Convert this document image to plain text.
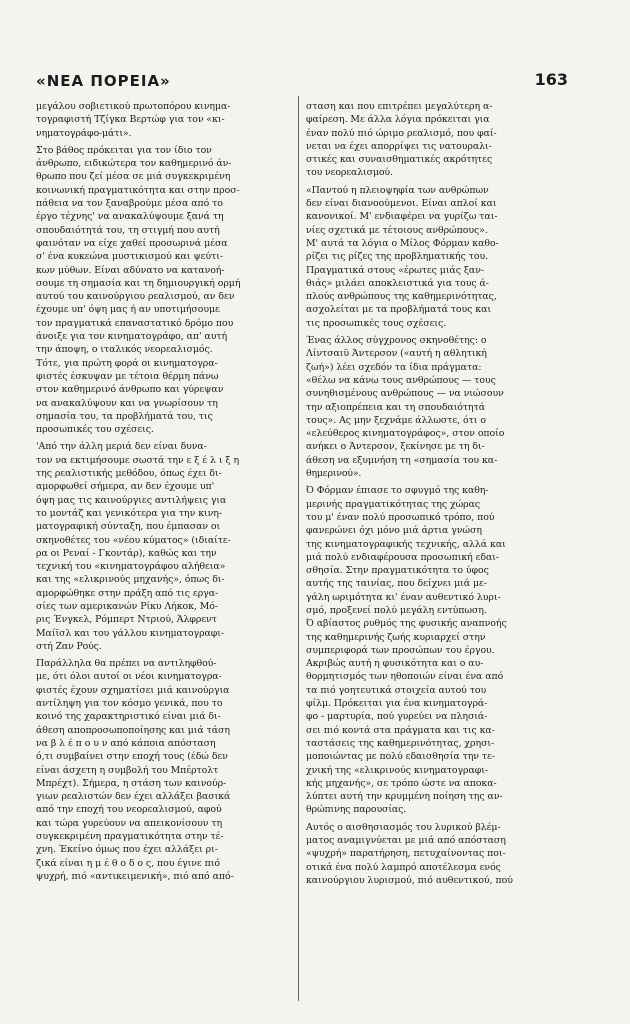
«ΝΕΑ ΠΟΡΕΙΑ»	163
μεγάλου σοβιετικού πρωτοπόρου κινημα-
τογραφιστή Τζίγκα Βερτώφ για τον «κι-
νηματογράφο-μάτι».
Στο βάθος πρόκειται για τον ίδιο τον
άνθρωπο, ειδικώτερα τον καθημερινό άν-
θρωπο που ζεί μέσα σε μιά συγκεκριμένη
κοινωνική πραγματικότητα και στην προσ-
πάθεια να τον ξαναβρούμε μέσα από το
έργο τέχνης' να ανακαλύψουμε ξανά τη
σπουδαιότητά του, τη στιγμή που αυτή
φαινόταν να είχε χαθεί προσωρινά μέσα
σ' ένα κυκεώνα μυστικισμού και ψεύτι-
κων μύθων. Είναι αδύνατο να κατανοή-
σουμε τη σημασία και τη δημιουργική ορμή
αυτού του καινούργιου ρεαλισμού, αν δεν
έχουμε υπ' όψη μας ή αν υποτιμήσουμε
τον πραγματικά επαναστατικό δρόμο που
άνοιξε για τον κινηματογράφο, απ' αυτή
την άποψη, ο ιταλικός νεορεαλισμός.
Τότε, για πρώτη φορά οι κινηματογρα-
φιστές έσκυψαν με τέτοια θέρμη πάνω
στον καθημερινό άνθρωπο και γύρεψαν
να ανακαλύψουν και να γνωρίσουν τη
σημασία του, τα προβλήματά του, τις
προσωπικές του σχέσεις.
'Από την άλλη μεριά δεν είναι δυνα-
τον να εκτιμήσουμε σωστά την ε ξ έ λ ι ξ η
της ρεαλιστικής μεθόδου, όπως έχει δι-
αμορφωθεί σήμερα, αν δεν έχουμε υπ'
όψη μας τις καινούργιες αντιλήψεις για
το μοντάζ και γενικότερα για την κινη-
ματογραφική σύνταξη, που έμπασαν οι
σκηνοθέτες του «νέου κύματος» (ιδιαίτε-
ρα οι Ρεναί - Γκοντάρ), καθώς και την
τεχνική του «κινηματογράφου αλήθεια»
και της «ελικρινούς μηχανής», όπως δι-
αμορφώθηκε στην πράξη από τις εργα-
σίες των αμερικανών Ρίκυ Λήκοκ, Μό-
ρις Ένγκελ, Ρόμπερτ Ντριού, Άλφρεντ
Μαίϊσλ και του γάλλου κινηματογραφι-
στή Ζαν Ρούς.
Παράλληλα θα πρέπει να αντιληφθού-
με, ότι όλοι αυτοί οι νέοι κινηματογρα-
φιστές έχουν σχηματίσει μιά καινούργια
αντίληψη για τον κόσμο γενικά, που το
κοινό της χαρακτηριστικό είναι μιά δι-
άθεση αποπροσωποποίησης και μιά τάση
να β λ έ π ο υ ν από κάποια απόσταση
ό,τι συμβαίνει στην εποχή τους (έδώ δεν
είναι άσχετη η συμβολή του Μπέρτολτ
Μπρέχτ). Σήμερα, η στάση των καινούρ-
γιων ρεαλιστών δεν έχει αλλάξει βασικά
από την εποχή του νεορεαλισμού, αφού
και τώρα γυρεύουν να απεικονίσουν τη
συγκεκριμένη πραγματικότητα στην τέ-
χνη. Έκείνο όμως που έχει αλλάξει ρι-
ζικά είναι η μ έ θ ο δ ο ς, που έγινε πιό
ψυχρή, πιό «αντικειμενική», πιό από από-
σταση και που επιτρέπει μεγαλύτερη α-
φαίρεση. Με άλλα λόγια πρόκειται για
έναν πολύ πιό ώριμο ρεαλισμό, που φαί-
νεται να έχει απορρίψει τις νατουραλι-
στικές και συναισθηματικές ακρότητες
του νεορεαλισμού.
«Παντού η πλειοψηφία των ανθρώπων
δεν είναι διανοούμενοι. Είναι απλοί και
κανονικοί. Μ' ενδιαφέρει να γυρίζω ται-
νίες σχετικά με τέτοιους ανθρώπους».
Μ' αυτά τα λόγια ο Μίλος Φόρμαν καθο-
ρίζει τις ρίζες της προβληματικής του.
Πραγματικά στους «έρωτες μιάς ξαν-
θιάς» μιλάει αποκλειστικά για τους ά-
πλούς ανθρώπους της καθημερινότητας,
ασχολείται με τα προβλήματά τους και
τις προσωπικές τους σχέσεις.
Ένας άλλος σύγχρονος σκηνοθέτης: ο
Λίντσαιϋ Άντερσον («αυτή η αθλητική
ζωή») λέει σχεδόν τα ίδια πράγματα:
«θέλω να κάνω τους ανθρώπους — τους
συνηθισμένους ανθρώπους — να νιώσουν
την αξιοπρέπεια και τη σπουδαιότητά
τους». Ας μην ξεχνάμε άλλωστε, ότι ο
«ελεύθερος κινηματογράφος», στον οποίο
ανήκει ο Άντερσον, ξεκίνησε με τη δι-
άθεση να εξυμνήση τη «σημασία του κα-
θημερινού».
Ό Φόρμαν έπιασε το σφυγμό της καθη-
μερινής πραγματικότητας της χώρας
του μ' έναν πολύ προσωπικό τρόπο, πού
φανερώνει όχι μόνο μιά άρτια γνώση
της κινηματογραφικής τεχνικής, αλλά και
μιά πολύ ενδιαφέρουσα προσωπική εδαι-
σθησία. Στην πραγματικότητα το ύφος
αυτής της ταινίας, που δείχνει μιά με-
γάλη ωριμότητα κι' έναν αυθεντικό λυρι-
σμό, προξενεί πολύ μεγάλη εντύπωση.
Ό αβίαστος ρυθμός της φυσικής αναπνοής
της καθημερινής ζωής κυριαρχεί στην
συμπεριφορά των προσώπων του έργου.
Ακριβώς αυτή η φυσικότητα και ο αυ-
θορμητισμός των ηθοποιών είναι ένα από
τα πιό γοητευτικά στοιχεία αυτού του
φίλμ. Πρόκειται για ένα κινηματογρά-
φο - μαρτυρία, πού γυρεύει να πλησιά-
σει πιό κοντά στα πράγματα και τις κα-
ταστάσεις της καθημερινότητας, χρησι-
μοποιώντας με πολύ εδαισθησία την τε-
χνική της «ελικρινούς κινηματογραφι-
κής μηχανής», σε τρόπο ώστε να αποκα-
λύπτει αυτή την κρυμμένη ποίηση της αν-
θρώπινης παρουσίας.
Αυτός ο αισθησιασμός του λυρικού βλέμ-
ματος αναμιγνύεται με μιά από απόσταση
«ψυχρή» παρατήρηση, πετυχαίνοντας ποι-
οτικά ένα πολύ λαμπρό αποτέλεσμα ενός
καινούργιου λυρισμού, πιό αυθεντικού, πού
